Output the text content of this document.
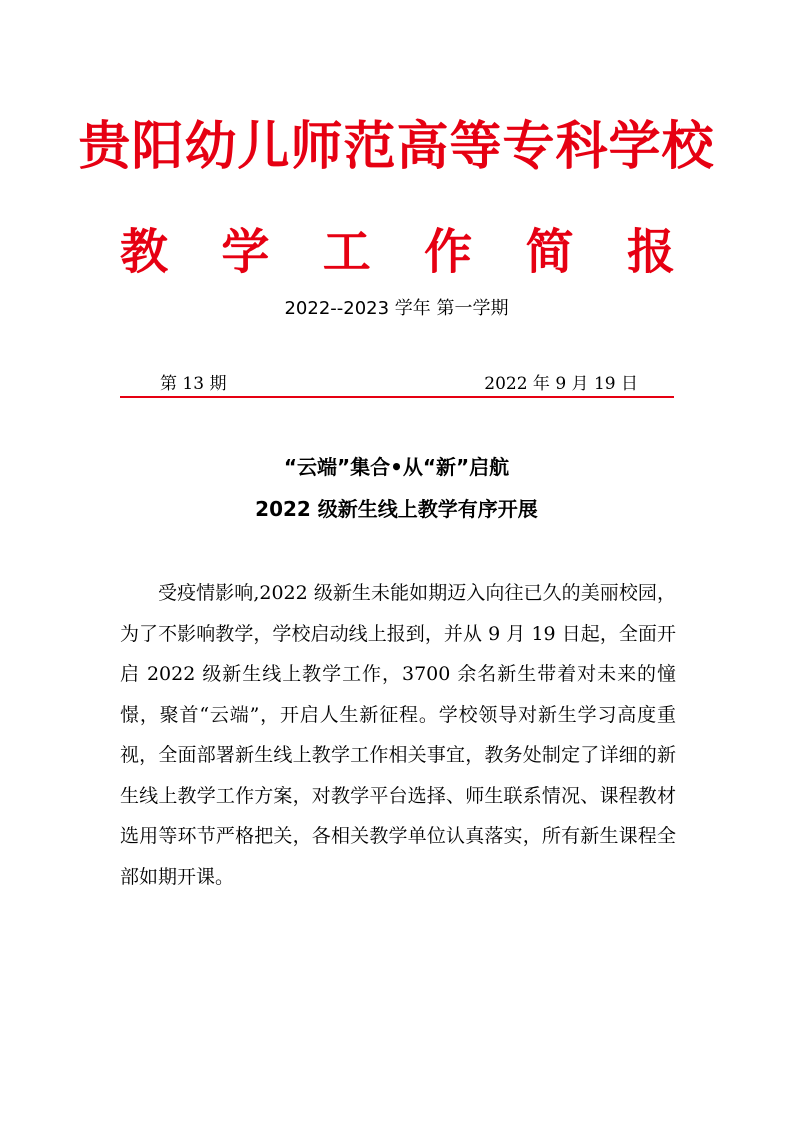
贵阳幼儿师范高等专科学校
教 学 工 作 简 报
2022--2023 学年 第一学期
第 13 期	2022 年 9 月 19 日
“云端”集合•从“新”启航
2022 级新生线上教学有序开展

受疫情影响,2022 级新生未能如期迈入向往已久的美丽校园，为了不影响教学，学校启动线上报到，并从 9 月 19 日起，全面开启 2022 级新生线上教学工作，3700 余名新生带着对未来的憧憬，聚首“云端”，开启人生新征程。学校领导对新生学习高度重视，全面部署新生线上教学工作相关事宜，教务处制定了详细的新生线上教学工作方案，对教学平台选择、师生联系情况、课程教材选用等环节严格把关，各相关教学单位认真落实，所有新生课程全部如期开课。
